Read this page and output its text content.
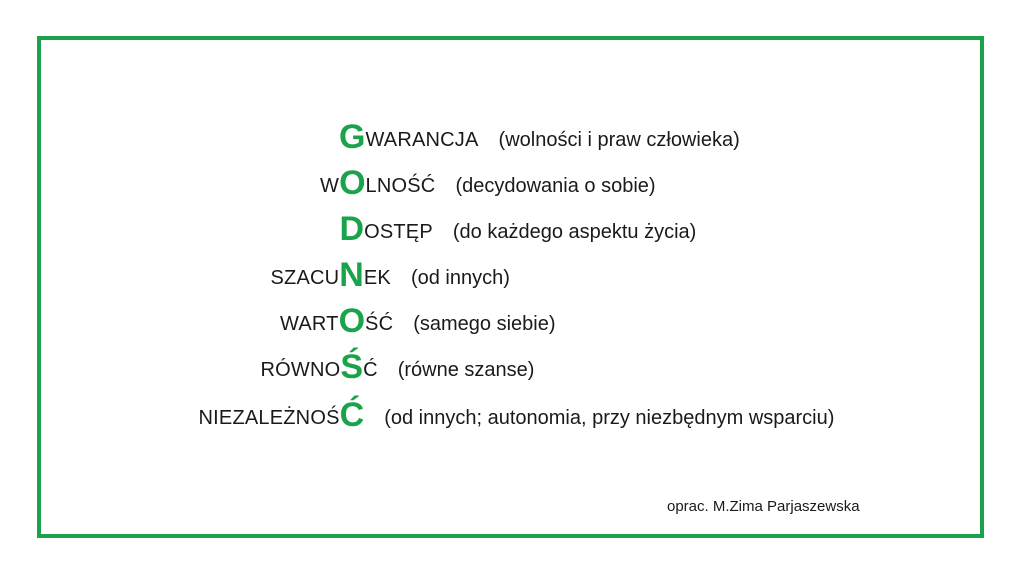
G WARANCJA (wolności i praw człowieka)
W O LNOŚĆ (decydowania o sobie)
D OSTĘP (do każdego aspektu życia)
SZACU N EK (od innych)
WART O ŚĆ (samego siebie)
RÓWNO Ś Ć (równe szanse)
NIEZALEŻNOŚ Ć (od innych; autonomia, przy niezbędnym wsparciu)
oprac. M.Zima Parjaszewska
